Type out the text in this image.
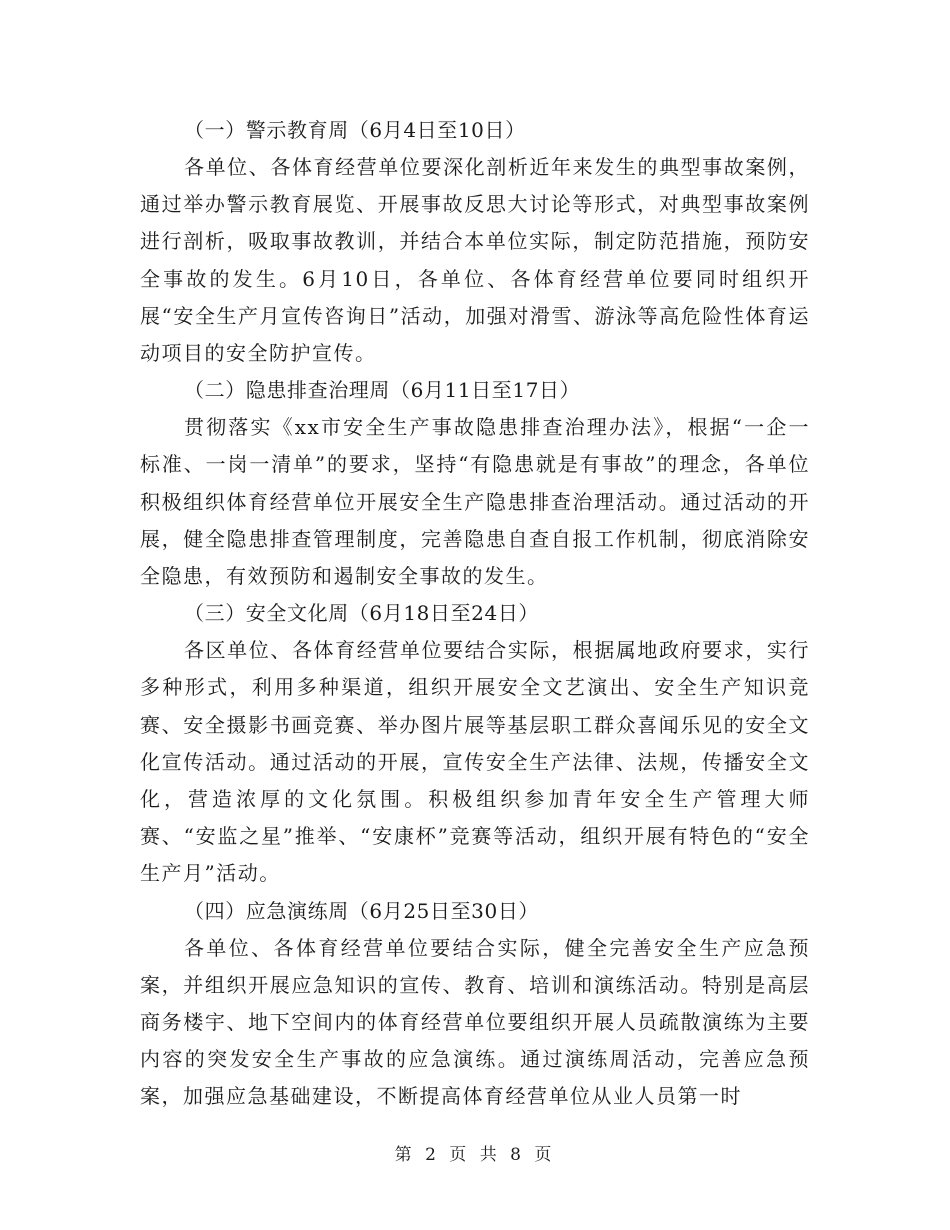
（一）警示教育周（6月4日至10日）

各单位、各体育经营单位要深化剖析近年来发生的典型事故案例，通过举办警示教育展览、开展事故反思大讨论等形式，对典型事故案例进行剖析，吸取事故教训，并结合本单位实际，制定防范措施，预防安全事故的发生。6月10日，各单位、各体育经营单位要同时组织开展“安全生产月宣传咨询日”活动，加强对滑雪、游泳等高危险性体育运动项目的安全防护宣传。

（二）隐患排查治理周（6月11日至17日）

贯彻落实《xx市安全生产事故隐患排查治理办法》，根据“一企一标准、一岗一清单”的要求，坚持“有隐患就是有事故”的理念，各单位积极组织体育经营单位开展安全生产隐患排查治理活动。通过活动的开展，健全隐患排查管理制度，完善隐患自查自报工作机制，彻底消除安全隐患，有效预防和遏制安全事故的发生。

（三）安全文化周（6月18日至24日）

各区单位、各体育经营单位要结合实际，根据属地政府要求，实行多种形式，利用多种渠道，组织开展安全文艺演出、安全生产知识竞赛、安全摄影书画竞赛、举办图片展等基层职工群众喜闻乐见的安全文化宣传活动。通过活动的开展，宣传安全生产法律、法规，传播安全文化，营造浓厚的文化氛围。积极组织参加青年安全生产管理大师赛、“安监之星”推举、“安康杯”竞赛等活动，组织开展有特色的“安全生产月”活动。

（四）应急演练周（6月25日至30日）

各单位、各体育经营单位要结合实际，健全完善安全生产应急预案，并组织开展应急知识的宣传、教育、培训和演练活动。特别是高层商务楼宇、地下空间内的体育经营单位要组织开展人员疏散演练为主要内容的突发安全生产事故的应急演练。通过演练周活动，完善应急预案，加强应急基础建设，不断提高体育经营单位从业人员第一时

第 2 页 共 8 页
